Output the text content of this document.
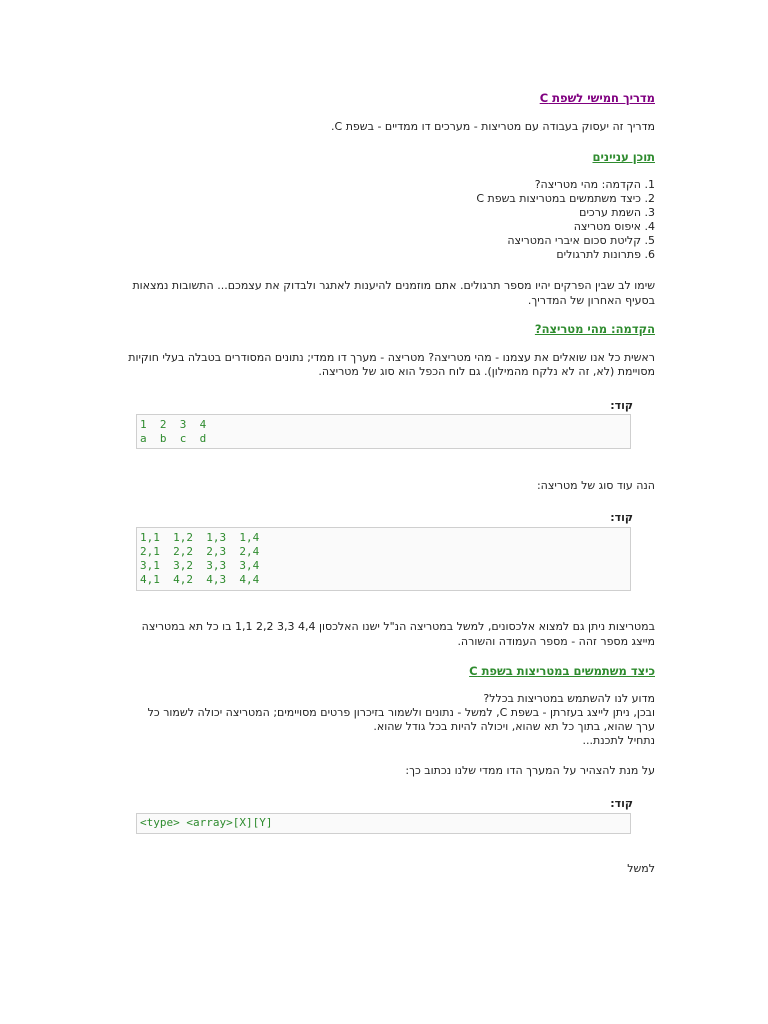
מדריך חמישי לשפת C
מדריך זה יעסוק בעבודה עם מטריצות - מערכים דו ממדיים - בשפת C.
תוכן עניינים
1. הקדמה: מהי מטריצה?
2. כיצד משתמשים במטריצות בשפת C
3. השמת ערכים
4. איפוס מטריצה
5. קליטת סכום איברי המטריצה
6. פתרונות לתרגולים
שימו לב שבין הפרקים יהיו מספר תרגולים. אתם מוזמנים להיענות לאתגר ולבדוק את עצמכם... התשובות נמצאות
בסעיף האחרון של המדריך.
הקדמה: מהי מטריצה?
ראשית כל אנו שואלים את עצמנו - מהי מטריצה? מטריצה - מערך דו ממדי; נתונים המסודרים בטבלה בעלי חוקיות
מסויימת (לא, זה לא נלקח מהמילון). גם לוח הכפל הוא סוג של מטריצה.
קוד:
1  2  3  4
a  b  c  d
הנה עוד סוג של מטריצה:
קוד:
1,1  1,2  1,3  1,4
2,1  2,2  2,3  2,4
3,1  3,2  3,3  3,4
4,1  4,2  4,3  4,4
במטריצות ניתן גם למצוא אלכסונים, למשל במטריצה הנ"ל ישנו האלכסון 4,4 3,3 2,2 1,1 בו כל תא במטריצה
מייצג מספר זהה - מספר העמודה והשורה.
כיצד משתמשים במטריצות בשפת C
מדוע לנו להשתמש במטריצות בכלל?
ובכן, ניתן לייצג בעזרתן - בשפת C, למשל - נתונים ולשמור בזיכרון פרטים מסויימים; המטריצה יכולה לשמור כל
ערך שהוא, בתוך כל תא שהוא, ויכולה להיות בכל גודל שהוא.
נתחיל לתכנת...
על מנת להצהיר על המערך הדו ממדי שלנו נכתוב כך:
קוד:
<type> <array>[X][Y]
למשל
